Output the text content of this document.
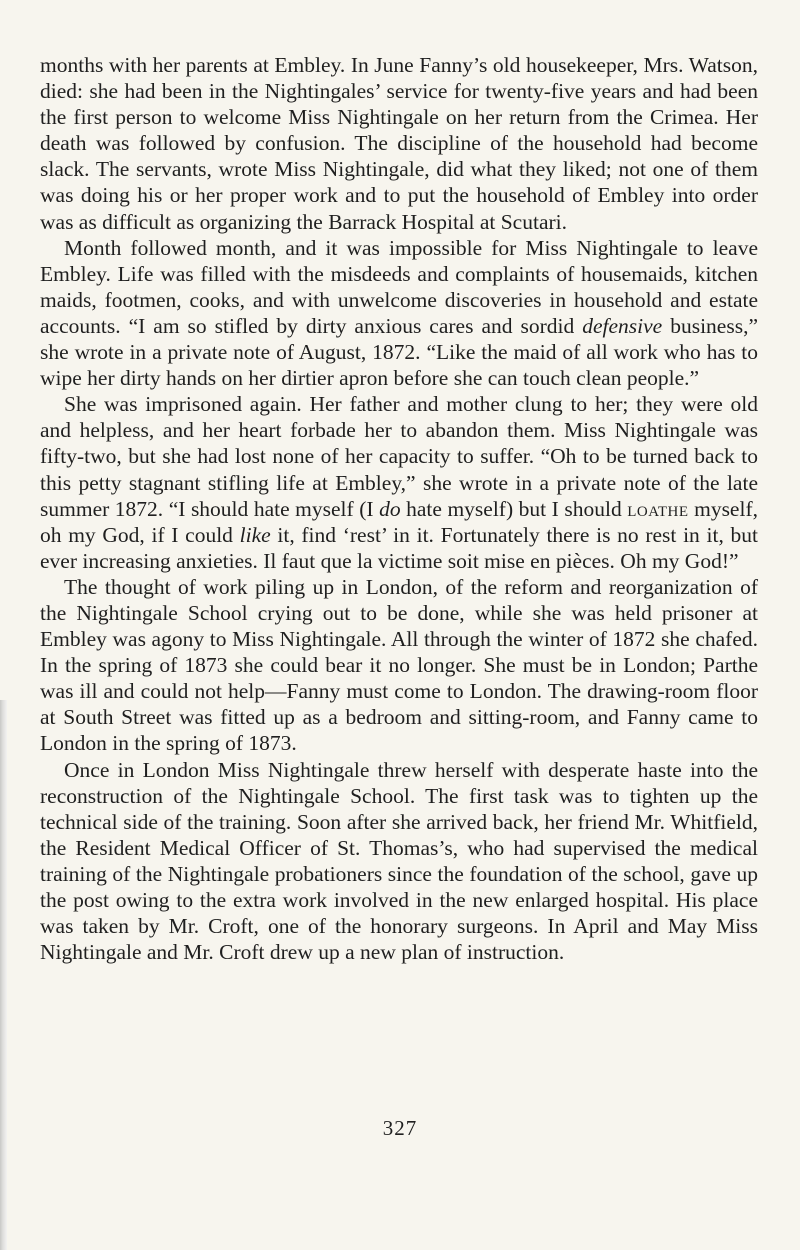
months with her parents at Embley. In June Fanny’s old housekeeper, Mrs. Watson, died: she had been in the Nightingales’ service for twenty-five years and had been the first person to welcome Miss Nightingale on her return from the Crimea. Her death was followed by confusion. The discipline of the household had become slack. The servants, wrote Miss Nightingale, did what they liked; not one of them was doing his or her proper work and to put the household of Embley into order was as difficult as organizing the Barrack Hospital at Scutari.

Month followed month, and it was impossible for Miss Nightingale to leave Embley. Life was filled with the misdeeds and complaints of housemaids, kitchen maids, footmen, cooks, and with unwelcome discoveries in household and estate accounts. “I am so stifled by dirty anxious cares and sordid defensive business,” she wrote in a private note of August, 1872. “Like the maid of all work who has to wipe her dirty hands on her dirtier apron before she can touch clean people.”

She was imprisoned again. Her father and mother clung to her; they were old and helpless, and her heart forbade her to abandon them. Miss Nightingale was fifty-two, but she had lost none of her capacity to suffer. “Oh to be turned back to this petty stagnant stifling life at Embley,” she wrote in a private note of the late summer 1872. “I should hate myself (I do hate myself) but I should loathe myself, oh my God, if I could like it, find ‘rest’ in it. Fortunately there is no rest in it, but ever increasing anxieties. Il faut que la victime soit mise en pièces. Oh my God!”

The thought of work piling up in London, of the reform and reorganization of the Nightingale School crying out to be done, while she was held prisoner at Embley was agony to Miss Nightingale. All through the winter of 1872 she chafed. In the spring of 1873 she could bear it no longer. She must be in London; Parthe was ill and could not help—Fanny must come to London. The drawing-room floor at South Street was fitted up as a bedroom and sitting-room, and Fanny came to London in the spring of 1873.

Once in London Miss Nightingale threw herself with desperate haste into the reconstruction of the Nightingale School. The first task was to tighten up the technical side of the training. Soon after she arrived back, her friend Mr. Whitfield, the Resident Medical Officer of St. Thomas’s, who had supervised the medical training of the Nightingale probationers since the foundation of the school, gave up the post owing to the extra work involved in the new enlarged hospital. His place was taken by Mr. Croft, one of the honorary surgeons. In April and May Miss Nightingale and Mr. Croft drew up a new plan of instruction.

327
